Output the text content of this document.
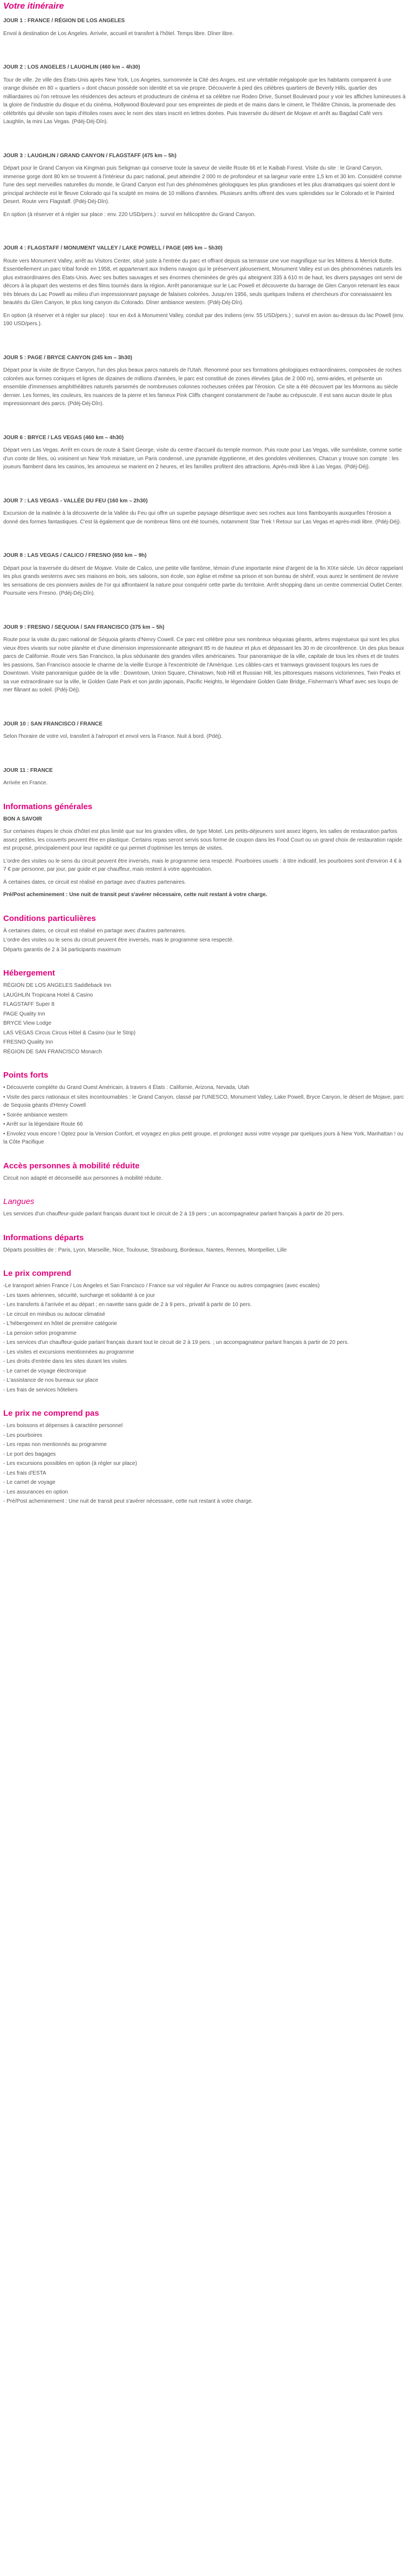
Votre itinéraire
JOUR 1 : FRANCE / RÉGION DE LOS ANGELES

Envol à destination de Los Angeles. Arrivée, accueil et transfert à l'hôtel. Temps libre. Dîner libre.

JOUR 2 : LOS ANGELES / LAUGHLIN (460 km – 4h30)

Tour de ville. 2e ville des États-Unis après New York, Los Angeles, surnommée la Cité des Anges, est une véritable mégalopole que les habitants comparent à une orange divisée en 80 « quartiers » dont chacun possède son identité et sa vie propre. Découverte à pied des célèbres quartiers de Beverly Hills, quartier des milliardaires où l'on retrouve les résidences des acteurs et producteurs de cinéma et sa célèbre rue Rodeo Drive, Sunset Boulevard pour y voir les affiches lumineuses à la gloire de l'industrie du disque et du cinéma, Hollywood Boulevard pour ses empreintes de pieds et de mains dans le ciment, le Théâtre Chinois, la promenade des célébrités qui dévoile son tapis d'étoiles roses avec le nom des stars inscrit en lettres dorées. Puis traversée du désert de Mojave et arrêt au Bagdad Café vers Laughlin, la mini Las Vegas. (Pdéj-Déj-Dîn).

JOUR 3 : LAUGHLIN / GRAND CANYON / FLAGSTAFF (475 km – 5h)

Départ pour le Grand Canyon via Kingman puis Seligman qui conserve toute la saveur de vieille Route 66 et le Kaibab Forest. Visite du site : le Grand Canyon, immense gorge dont 80 km se trouvent à l'intérieur du parc national, peut atteindre 2 000 m de profondeur et sa largeur varie entre 1,5 km et 30 km. Considéré comme l'une des sept merveilles naturelles du monde, le Grand Canyon est l'un des phénomènes géologiques les plus grandioses et les plus dramatiques qui soient dont le principal architecte est le fleuve Colorado qui l'a sculpté en moins de 10 millions d'années. Plusieurs arrêts offrent des vues splendides sur le Colorado et le Painted Desert. Route vers Flagstaff. (Pdéj-Déj-Dîn).

En option (à réserver et à régler sur place : env. 220 USD/pers.) : survol en hélicoptère du Grand Canyon.

JOUR 4 : FLAGSTAFF / MONUMENT VALLEY / LAKE POWELL / PAGE (495 km – 5h30)

Route vers Monument Valley, arrêt au Visitors Center, situé juste à l'entrée du parc et offrant depuis sa terrasse une vue magnifique sur les Mittens & Merrick Butte. Essentiellement un parc tribal fondé en 1958, et appartenant aux Indiens navajos qui le préservent jalousement, Monument Valley est un des phénomènes naturels les plus extraordinaires des États-Unis. Avec ses buttes sauvages et ses énormes cheminées de grès qui atteignent 335 à 610 m de haut, les divers paysages ont servi de décors à la plupart des westerns et des films tournés dans la région. Arrêt panoramique sur le Lac Powell et découverte du barrage de Glen Canyon retenant les eaux très bleues du Lac Powell au milieu d'un impressionnant paysage de falaises colorées. Jusqu'en 1956, seuls quelques Indiens et chercheurs d'or connaissaient les beautés du Glen Canyon, le plus long canyon du Colorado. Dîner ambiance western. (Pdéj-Déj-Dîn).

En option (à réserver et à régler sur place) : tour en 4x4 à Monument Valley, conduit par des Indiens (env. 55 USD/pers.) ; survol en avion au-dessus du lac Powell (env. 190 USD/pers.).

JOUR 5 : PAGE / BRYCE CANYON (245 km – 3h30)

Départ pour la visite de Bryce Canyon, l'un des plus beaux parcs naturels de l'Utah. Renommé pour ses formations géologiques extraordinaires, composées de roches colorées aux formes coniques et lignes de dizaines de millions d'années, le parc est constitué de zones élevées (plus de 2 000 m), semi-arides, et présente un ensemble d'immenses amphithéâtres naturels parsemés de nombreuses colonnes rocheuses créées par l'érosion. Ce site a été découvert par les Mormons au siècle dernier. Les formes, les couleurs, les nuances de la pierre et les fameux Pink Cliffs changent constamment de l'aube au crépuscule. Il est sans aucun doute le plus impressionnant des parcs. (Pdéj-Déj-Dîn).

JOUR 6 : BRYCE / LAS VEGAS (460 km – 4h30)

Départ vers Las Vegas. Arrêt en cours de route à Saint George, visite du centre d'accueil du temple mormon. Puis route pour Las Vegas, ville surréaliste, comme sortie d'un conte de fées, où voisinent un New York miniature, un Paris condensé, une pyramide égyptienne, et des gondoles vénitiennes. Chacun y trouve son compte : les joueurs flambent dans les casinos, les amoureux se marient en 2 heures, et les familles profitent des attractions. Après-midi libre à Las Vegas. (Pdéj-Déj).

JOUR 7 : LAS VEGAS - VALLÉE DU FEU (160 km – 2h30)

Excursion de la matinée à la découverte de la Vallée du Feu qui offre un superbe paysage désertique avec ses roches aux tons flamboyants auxquelles l'érosion a donné des formes fantastiques. C'est là également que de nombreux films ont été tournés, notamment Star Trek ! Retour sur Las Vegas et après-midi libre. (Pdéj-Déj).

JOUR 8 : LAS VEGAS / CALICO / FRESNO (650 km – 9h)

Départ pour la traversée du désert de Mojave. Visite de Calico, une petite ville fantôme, témoin d'une importante mine d'argent de la fin XIXe siècle. Un décor rappelant les plus grands westerns avec ses maisons en bois, ses saloons, son école, son église et même sa prison et son bureau de shérif, vous aurez le sentiment de revivre les sensations de ces pionniers avides de l'or qui affrontaient la nature pour conquérir cette partie du territoire. Arrêt shopping dans un centre commercial Outlet Center. Poursuite vers Fresno. (Pdéj-Déj-Dîn).

JOUR 9 : FRESNO / SEQUOIA / SAN FRANCISCO (375 km – 5h)

Route pour la visite du parc national de Séquoia géants d'Nenry Cowell. Ce parc est célèbre pour ses nombreux séquoias géants, arbres majestueux qui sont les plus vieux êtres vivants sur notre planète et d'une dimension impressionnante atteignant 85 m de hauteur et plus et dépassant les 30 m de circonférence. Un des plus beaux parcs de Californie. Route vers San Francisco, la plus séduisante des grandes villes américaines. Tour panoramique de la ville, capitale de tous les rêves et de toutes les passions, San Francisco associe le charme de la vieille Europe à l'excentricité de l'Amérique. Les câbles-cars et tramways gravissent toujours les rues de Downtown. Visite panoramique guidée de la ville : Downtown, Union Square, Chinatown, Nob Hill et Russian Hill, les pittoresques maisons victoriennes, Twin Peaks et sa vue extraordinaire sur la ville, le Golden Gate Park et son jardin japonais, Pacific Heights, le légendaire Golden Gate Bridge, Fisherman's Wharf avec ses loups de mer flânant au soleil. (Pdéj-Déj).

JOUR 10 : SAN FRANCISCO / FRANCE

Selon l'horaire de votre vol, transfert à l'aéroport et envol vers la France. Nuit à bord. (Pdéj).

JOUR 11 : FRANCE

Arrivée en France.

Informations générales
BON A SAVOIR

Sur certaines étapes le choix d'hôtel est plus limité que sur les grandes villes, de type Motel. Les petits-déjeuners sont assez légers, les salles de restauration parfois assez petites, les couverts peuvent être en plastique. Certains repas seront servis sous forme de coupon dans les Food Court ou un grand choix de restauration rapide est proposé, principalement pour leur rapidité ce qui permet d'optimiser les temps de visites.

L'ordre des visites ou le sens du circuit peuvent être inversés, mais le programme sera respecté. Pourboires usuels : à titre indicatif, les pourboires sont d'environ 4 € à 7 € par personne, par jour, par guide et par chauffeur, mais restent à votre appréciation.

À certaines dates, ce circuit est réalisé en partage avec d'autres partenaires.

Pré/Post acheminement : Une nuit de transit peut s'avérer nécessaire, cette nuit restant à votre charge.

Conditions particulières

À certaines dates, ce circuit est réalisé en partage avec d'autres partenaires.

L'ordre des visites ou le sens du circuit peuvent être inversés, mais le programme sera respecté.

Départs garantis de 2 à 34 participants maximum

Hébergement

RÉGION DE LOS ANGELES Saddleback Inn

LAUGHLIN Tropicana Hotel & Casino

FLAGSTAFF Super 8

PAGE Quality Inn

BRYCE View Lodge

LAS VEGAS Circus Circus Hôtel & Casino (sur le Strip)

FRESNO Quality Inn

RÉGION DE SAN FRANCISCO Monarch

Points forts

• Découverte complète du Grand Ouest Américain, à travers 4 États : Californie, Arizona, Nevada, Utah

• Visite des parcs nationaux et sites incontournables : le Grand Canyon, classé par l'UNESCO, Monument Valley, Lake Powell, Bryce Canyon, le désert de Mojave, parc de Sequoia géants d'Henry Cowell

• Soirée ambiance western

• Arrêt sur la légendaire Route 66

• Envolez vous encore ! Optez pour la Version Confort, et voyagez en plus petit groupe, et prolongez aussi votre voyage par quelques jours à New York, Manhattan ! ou la Côte Pacifique

Accès personnes à mobilité réduite

Circuit non adapté et déconseillé aux personnes à mobilité réduite.

Langues

Les services d'un chauffeur-guide parlant français durant tout le circuit de 2 à 19 pers ; un accompagnateur parlant français à partir de 20 pers.

Informations départs

Départs possibles de : Paris, Lyon, Marseille, Nice, Toulouse, Strasbourg, Bordeaux, Nantes, Rennes, Montpellier, Lille

Le prix comprend

-Le transport aérien France / Los Angeles et San Francisco / France sur vol régulier Air France ou autres compagnies (avec escales)

- Les taxes aériennes, sécurité, surcharge et solidarité à ce jour

- Les transferts à l'arrivée et au départ ; en navette sans guide de 2 à 9 pers., privatif à partir de 10 pers.

- Le circuit en minibus ou autocar climatisé

- L'hébergement en hôtel de première catégorie

- La pension selon programme

- Les services d'un chauffeur-guide parlant français durant tout le circuit de 2 à 19 pers. ; un accompagnateur parlant français à partir de 20 pers.

- Les visites et excursions mentionnées au programme

- Les droits d'entrée dans les sites durant les visites

- Le carnet de voyage électronique

- L'assistance de nos bureaux sur place

- Les frais de services hôteliers

Le prix ne comprend pas

- Les boissons et dépenses à caractère personnel

- Les pourboires

- Les repas non mentionnés au programme

- Le port des bagages

- Les excursions possibles en option (à régler sur place)

- Les frais d'ESTA

- Le carnet de voyage

- Les assurances en option

- Pré/Post acheminement : Une nuit de transit peut s'avérer nécessaire, cette nuit restant à votre charge.
